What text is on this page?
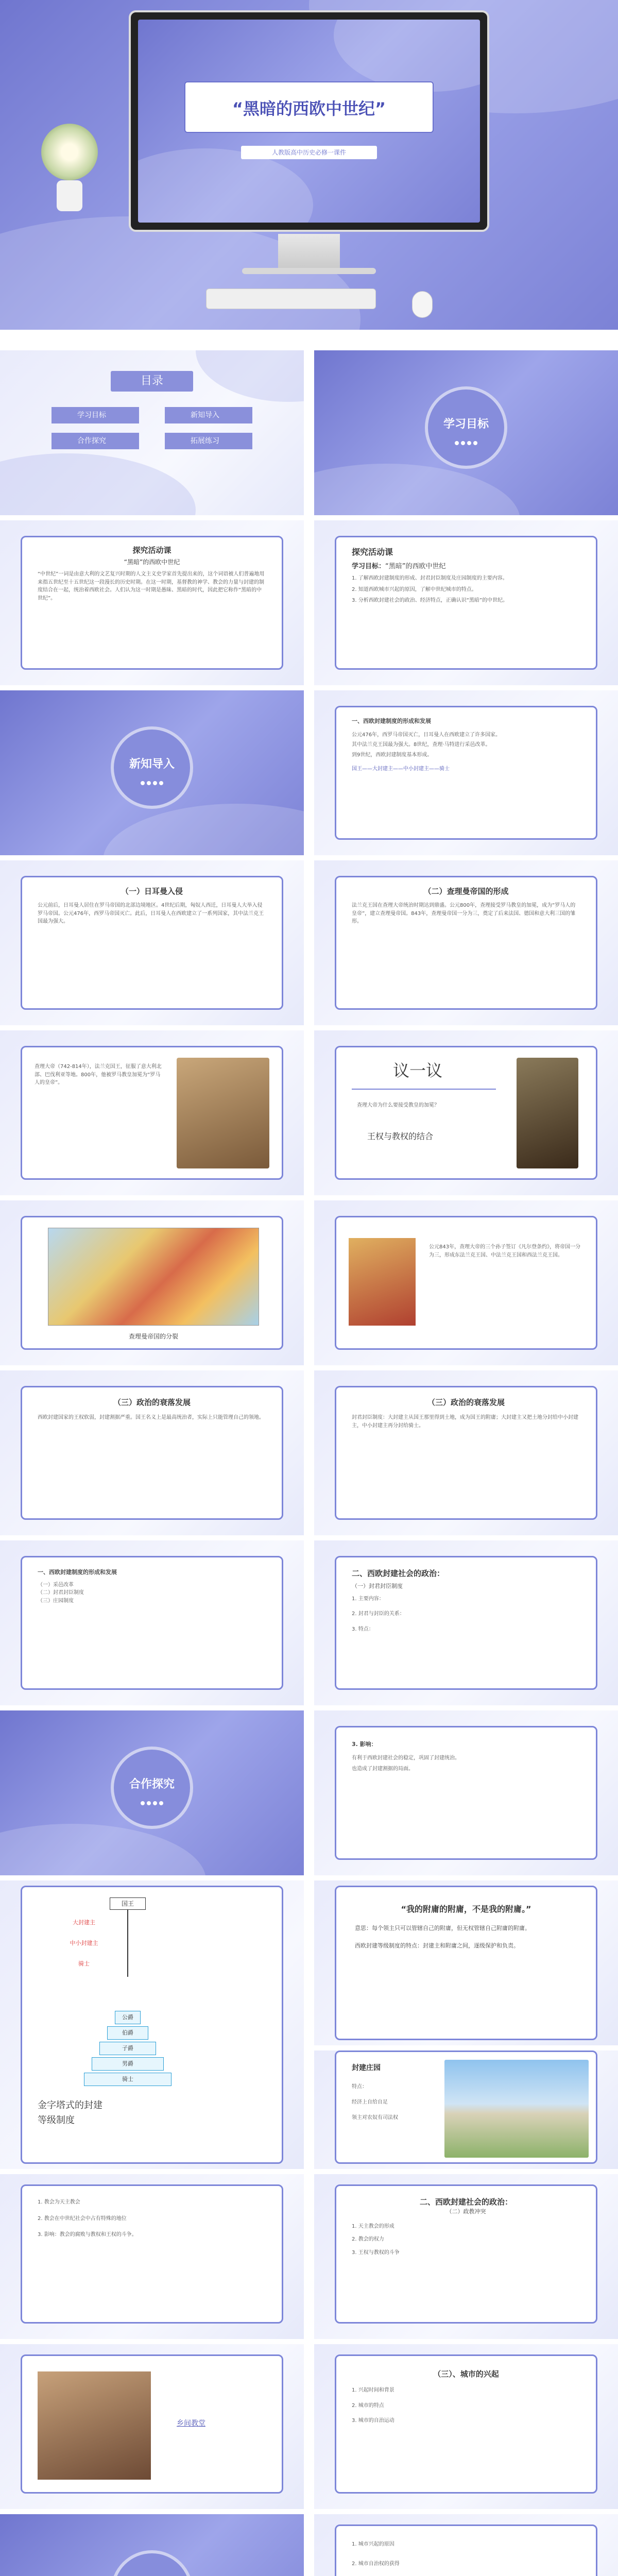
“黑暗的西欧中世纪”
人教版高中历史必修一课件
目录
学习目标	新知导入
合作探究	拓展练习
学习目标
探究活动课
“黑暗”的西欧中世纪
“中世纪”一词是由意大利的文艺复兴时期的人文主义史学家首先提出来的，这个词语被人们普遍地用来指五世纪至十五世纪这一段漫长的历史时期。在这一时期，基督教的神学、教会的力量与封建的制度结合在一起，统治着西欧社会。人们认为这一时期是愚昧、黑暗的时代，因此把它称作“黑暗的中世纪”。
探究活动课
学习目标：“黑暗”的西欧中世纪
1. 了解西欧封建制度的形成、封君封臣制度及庄园制度的主要内容。
2. 知道西欧城市兴起的原因，了解中世纪城市的特点。
3. 分析西欧封建社会的政治、经济特点，正确认识“黑暗”的中世纪。
新知导入
一、西欧封建制度的形成和发展
公元476年，西罗马帝国灭亡，日耳曼人在西欧建立了许多国家。
其中法兰克王国最为强大。8世纪，查理·马特进行采邑改革。
到9世纪，西欧封建制度基本形成。
国王——大封建主——中小封建主——骑士
（一）日耳曼入侵
公元前后，日耳曼人居住在罗马帝国的北部边境地区。4世纪后期，匈奴人西迁，日耳曼人大举入侵罗马帝国。公元476年，西罗马帝国灭亡。此后，日耳曼人在西欧建立了一系列国家，其中法兰克王国最为强大。
（二）查理曼帝国的形成
法兰克王国在查理大帝统治时期达到鼎盛。公元800年，查理接受罗马教皇的加冕，成为“罗马人的皇帝”，建立查理曼帝国。843年，查理曼帝国一分为三，奠定了后来法国、德国和意大利三国的雏形。
查理大帝（742-814年），法兰克国王，征服了意大利北部、巴伐利亚等地。800年，他被罗马教皇加冕为“罗马人的皇帝”。
议一议
查理大帝为什么要接受教皇的加冕？
王权与教权的结合
查理曼帝国的分裂
公元843年，查理大帝的三个孙子签订《凡尔登条约》，将帝国一分为三，形成东法兰克王国、中法兰克王国和西法兰克王国。
（三）政治的衰落发展
西欧封建国家的王权软弱，封建割据严重。国王名义上是最高统治者，实际上只能管理自己的领地。
（三）政治的衰落发展
封君封臣制度：大封建主从国王那里得到土地，成为国王的附庸；大封建主又把土地分封给中小封建主，中小封建主再分封给骑士。
一、西欧封建制度的形成和发展
（一）采邑改革
（二）封君封臣制度
（三）庄园制度
二、西欧封建社会的政治：
（一）封君封臣制度
1. 主要内容：
2. 封君与封臣的关系：
3. 特点：
合作探究
3. 影响：
有利于西欧封建社会的稳定，巩固了封建统治。
也造成了封建割据的局面。
国王
大封建主
中小封建主
骑士
公爵
伯爵
子爵
男爵
骑士
金字塔式的封建等级制度
“我的附庸的附庸，不是我的附庸。”
意思：每个领主只可以管辖自己的附庸，但无权管辖自己附庸的附庸。
西欧封建等级制度的特点：封建主和附庸之间，逐级保护和负责。
封建庄园
特点：
经济上自给自足
领主对农奴有司法权
1. 教会为天主教会
2. 教会在中世纪社会中占有特殊的地位
3. 影响：教会的腐败与教权和王权的斗争。
二、西欧封建社会的政治：
（二）政教冲突
1. 天主教会的形成
2. 教会的权力
3. 王权与教权的斗争
乡间教堂
（三）、城市的兴起
1. 兴起时间和背景
2. 城市的特点
3. 城市的自治运动
1. 城市兴起的原因
2. 城市自治权的获得
